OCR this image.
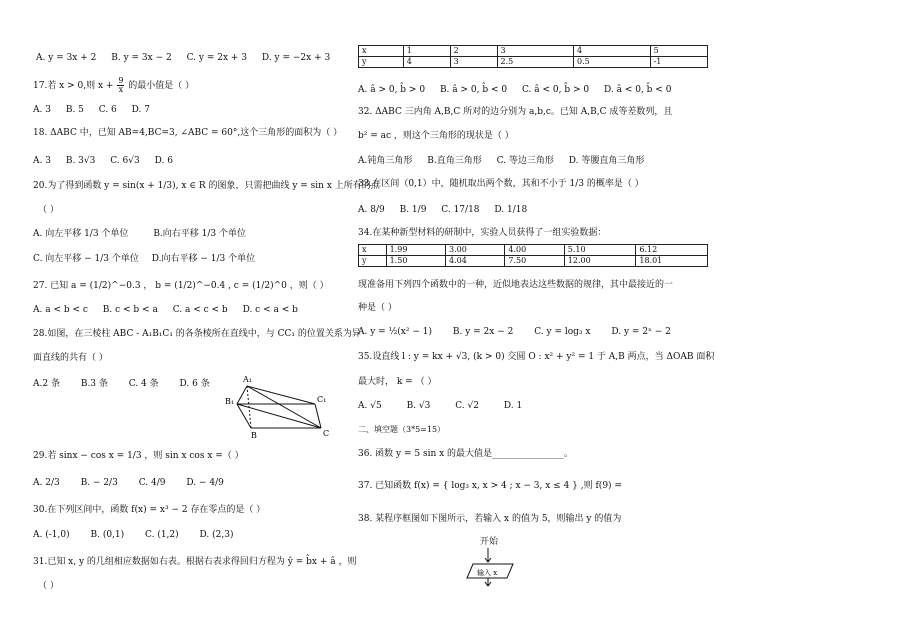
A. y = 3x + 2 B. y = 3x − 2 C. y = 2x + 3 D. y = −2x + 3
17.若 x > 0,则 $x + \frac{9}{x}$ 的最小值是（ ）
A. 3 B. 5 C. 6 D. 7
18. ΔABC 中，已知 AB=4,BC=3, ∠ABC = 60°,这个三角形的面积为（ ）
A. 3 B. 3√3 C. 6√3 D. 6
20.为了得到函数 y = sin(x + 1/3), x ∈ R 的图象，只需把曲线 y = sin x 上所有的点
（ ）
A. 向左平移 1/3 个单位	B.向右平移 1/3 个单位
C. 向左平移 − 1/3 个单位 D.向右平移 − 1/3 个单位
27. 已知 a = (1/2)^−0.3 ， b = (1/2)^−0.4 , c = (1/2)^0 ，则（ ）
A. a < b < c B. c < b < a C. a < c < b D. c < a < b
28.如图，在三棱柱 ABC - A₁B₁C₁ 的各条棱所在直线中，与 CC₁ 的位置关系为异
面直线的共有（ ）
A.2 条 B.3 条 C. 4 条 D. 6 条	A₁
B₁	C₁
B	C
29.若 sinx − cos x = 1/3 ，则 sin x cos x =（ ）
A. 2/3 B. − 2/3 C. 4/9 D. − 4/9
30.在下列区间中，函数 f(x) = x³ − 2 存在零点的是（ ）
A. (-1,0) B. (0,1) C. (1,2) D. (2,3)
31.已知 x, y 的几组相应数据如右表。根据右表求得回归方程为 ŷ = b̂x + â ，则
（ ）
x	1	2	3	4	5
y	4	3	2.5	0.5	-1
A. â > 0, b̂ > 0 B. â > 0, b̂ < 0 C. â < 0, b̂ > 0 D. â < 0, b̂ < 0
32. ΔABC 三内角 A,B,C 所对的边分别为 a,b,c。已知 A,B,C 成等差数列，且
b² = ac ，则这个三角形的现状是（ ）
A.钝角三角形 B.直角三角形 C. 等边三角形 D. 等腰直角三角形
33.在区间（0,1）中，随机取出两个数，其和不小于 1/3 的概率是（ ）
A. 8/9 B. 1/9 C. 17/18 D. 1/18
34.在某种新型材料的研制中，实验人员获得了一组实验数据：
x	1.99	3.00	4.00	5.10	6.12
y	1.50	4.04	7.50	12.00	18.01
现准备用下列四个函数中的一种，近似地表达这些数据的规律，其中最接近的一
种是（ ）
A. y = ½(x² − 1) B. y = 2x − 2 C. y = log₃ x D. y = 2ˣ − 2
35.设直线 l : y = kx + √3, (k > 0) 交圆 O : x² + y² = 1 于 A,B 两点，当 ΔOAB 面积
最大时， k = （ ）
A. √5	B. √3	C. √2	D. 1
二、填空题（3*5=15）
36. 函数 y = 5 sin x 的最大值是________________。
37. 已知函数 f(x) = { log₃ x, x > 4 ; x − 3, x ≤ 4 } ,则 f(9) =
38. 某程序框图如下图所示，若输入 x 的值为 5，则输出 y 的值为
开始
输入 x
